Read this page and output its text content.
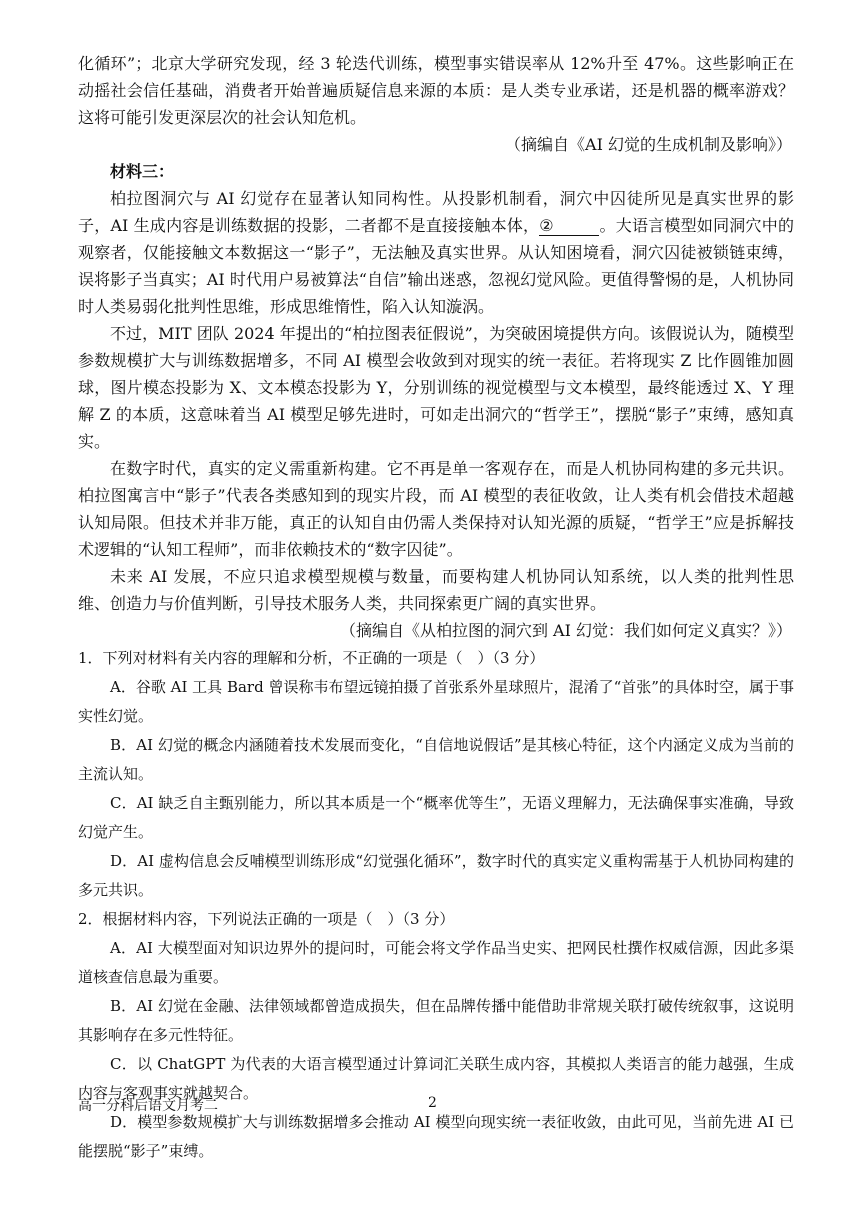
化循环”；北京大学研究发现，经 3 轮迭代训练，模型事实错误率从 12%升至 47%。这些影响正在动摇社会信任基础，消费者开始普遍质疑信息来源的本质：是人类专业承诺，还是机器的概率游戏？这将可能引发更深层次的社会认知危机。

（摘编自《AI 幻觉的生成机制及影响》）

材料三：

柏拉图洞穴与 AI 幻觉存在显著认知同构性。从投影机制看，洞穴中囚徒所见是真实世界的影子，AI 生成内容是训练数据的投影，二者都不是直接接触本体，②	。大语言模型如同洞穴中的观察者，仅能接触文本数据这一“影子”，无法触及真实世界。从认知困境看，洞穴囚徒被锁链束缚，误将影子当真实；AI 时代用户易被算法“自信”输出迷惑，忽视幻觉风险。更值得警惕的是，人机协同时人类易弱化批判性思维，形成思维惰性，陷入认知漩涡。

不过，MIT 团队 2024 年提出的“柏拉图表征假说”，为突破困境提供方向。该假说认为，随模型参数规模扩大与训练数据增多，不同 AI 模型会收敛到对现实的统一表征。若将现实 Z 比作圆锥加圆球，图片模态投影为 X、文本模态投影为 Y，分别训练的视觉模型与文本模型，最终能透过 X、Y 理解 Z 的本质，这意味着当 AI 模型足够先进时，可如走出洞穴的“哲学王”，摆脱“影子”束缚，感知真实。

在数字时代，真实的定义需重新构建。它不再是单一客观存在，而是人机协同构建的多元共识。柏拉图寓言中“影子”代表各类感知到的现实片段，而 AI 模型的表征收敛，让人类有机会借技术超越认知局限。但技术并非万能，真正的认知自由仍需人类保持对认知光源的质疑，“哲学王”应是拆解技术逻辑的“认知工程师”，而非依赖技术的“数字囚徒”。

未来 AI 发展，不应只追求模型规模与数量，而要构建人机协同认知系统，以人类的批判性思维、创造力与价值判断，引导技术服务人类，共同探索更广阔的真实世界。

（摘编自《从柏拉图的洞穴到 AI 幻觉：我们如何定义真实？》）

1．下列对材料有关内容的理解和分析，不正确的一项是（　）（3 分）

A．谷歌 AI 工具 Bard 曾误称韦布望远镜拍摄了首张系外星球照片，混淆了“首张”的具体时空，属于事实性幻觉。

B．AI 幻觉的概念内涵随着技术发展而变化，“自信地说假话”是其核心特征，这个内涵定义成为当前的主流认知。

C．AI 缺乏自主甄别能力，所以其本质是一个“概率优等生”，无语义理解力，无法确保事实准确，导致幻觉产生。

D．AI 虚构信息会反哺模型训练形成“幻觉强化循环”，数字时代的真实定义重构需基于人机协同构建的多元共识。

2．根据材料内容，下列说法正确的一项是（　）（3 分）

A．AI 大模型面对知识边界外的提问时，可能会将文学作品当史实、把网民杜撰作权威信源，因此多渠道核查信息最为重要。

B．AI 幻觉在金融、法律领域都曾造成损失，但在品牌传播中能借助非常规关联打破传统叙事，这说明其影响存在多元性特征。

C．以 ChatGPT 为代表的大语言模型通过计算词汇关联生成内容，其模拟人类语言的能力越强，生成内容与客观事实就越契合。

D．模型参数规模扩大与训练数据增多会推动 AI 模型向现实统一表征收敛，由此可见，当前先进 AI 已能摆脱“影子”束缚。

高一分科后语文月考二	2
